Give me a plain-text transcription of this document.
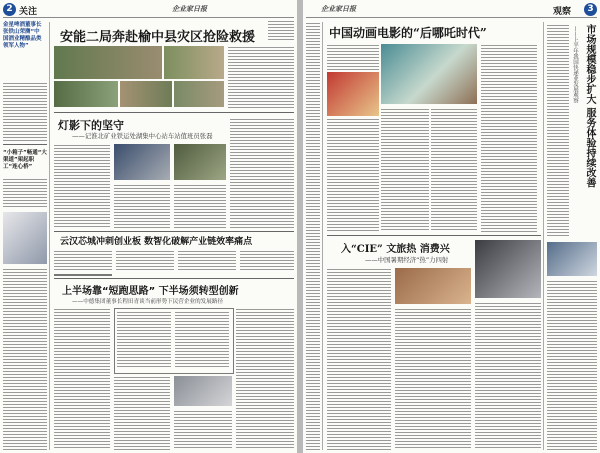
2 关注	企业家日报
金星啤酒董事长张铁山荣膺“中国酒业精酿品类领军人物”
“小箱子”畅通“大渠道”架起职工“连心桥”
安能二局奔赴榆中县灾区抢险救援
灯影下的坚守
——记淮北矿业铁运处湖集中心站车站值班员张磊
云汉芯城冲刺创业板 数智化破解产业链效率痛点
上半场靠“短跑思路” 下半场须转型创新
——中德集团董事长程田青谈当前形势下民营企业的发展路径
企业家日报	观察	3
中国动画电影的“后哪吒时代”
入“CIE” 文旅热 消费兴
——中国暑期经济“热”力四射
市场规模稳步扩大 服务体验持续改善
——上半年我国快递业发展观察
